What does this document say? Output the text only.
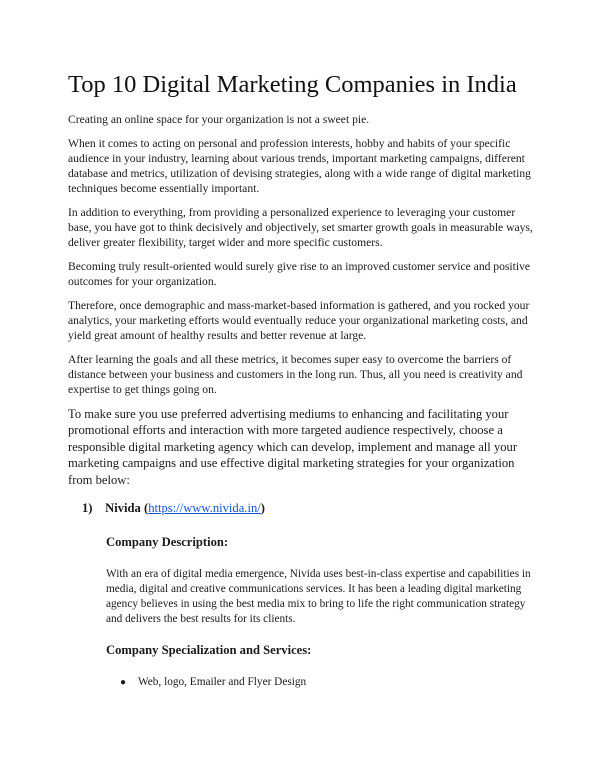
Top 10 Digital Marketing Companies in India

Creating an online space for your organization is not a sweet pie.

When it comes to acting on personal and profession interests, hobby and habits of your specific audience in your industry, learning about various trends, important marketing campaigns, different database and metrics, utilization of devising strategies, along with a wide range of digital marketing techniques become essentially important.

In addition to everything, from providing a personalized experience to leveraging your customer base, you have got to think decisively and objectively, set smarter growth goals in measurable ways, deliver greater flexibility, target wider and more specific customers.

Becoming truly result-oriented would surely give rise to an improved customer service and positive outcomes for your organization.

Therefore, once demographic and mass-market-based information is gathered, and you rocked your analytics, your marketing efforts would eventually reduce your organizational marketing costs, and yield great amount of healthy results and better revenue at large.

After learning the goals and all these metrics, it becomes super easy to overcome the barriers of distance between your business and customers in the long run. Thus, all you need is creativity and expertise to get things going on.

To make sure you use preferred advertising mediums to enhancing and facilitating your promotional efforts and interaction with more targeted audience respectively, choose a responsible digital marketing agency which can develop, implement and manage all your marketing campaigns and use effective digital marketing strategies for your organization from below:

1) Nivida (https://www.nivida.in/)
Company Description:
With an era of digital media emergence, Nivida uses best-in-class expertise and capabilities in media, digital and creative communications services. It has been a leading digital marketing agency believes in using the best media mix to bring to life the right communication strategy and delivers the best results for its clients.
Company Specialization and Services:
● Web, logo, Emailer and Flyer Design
